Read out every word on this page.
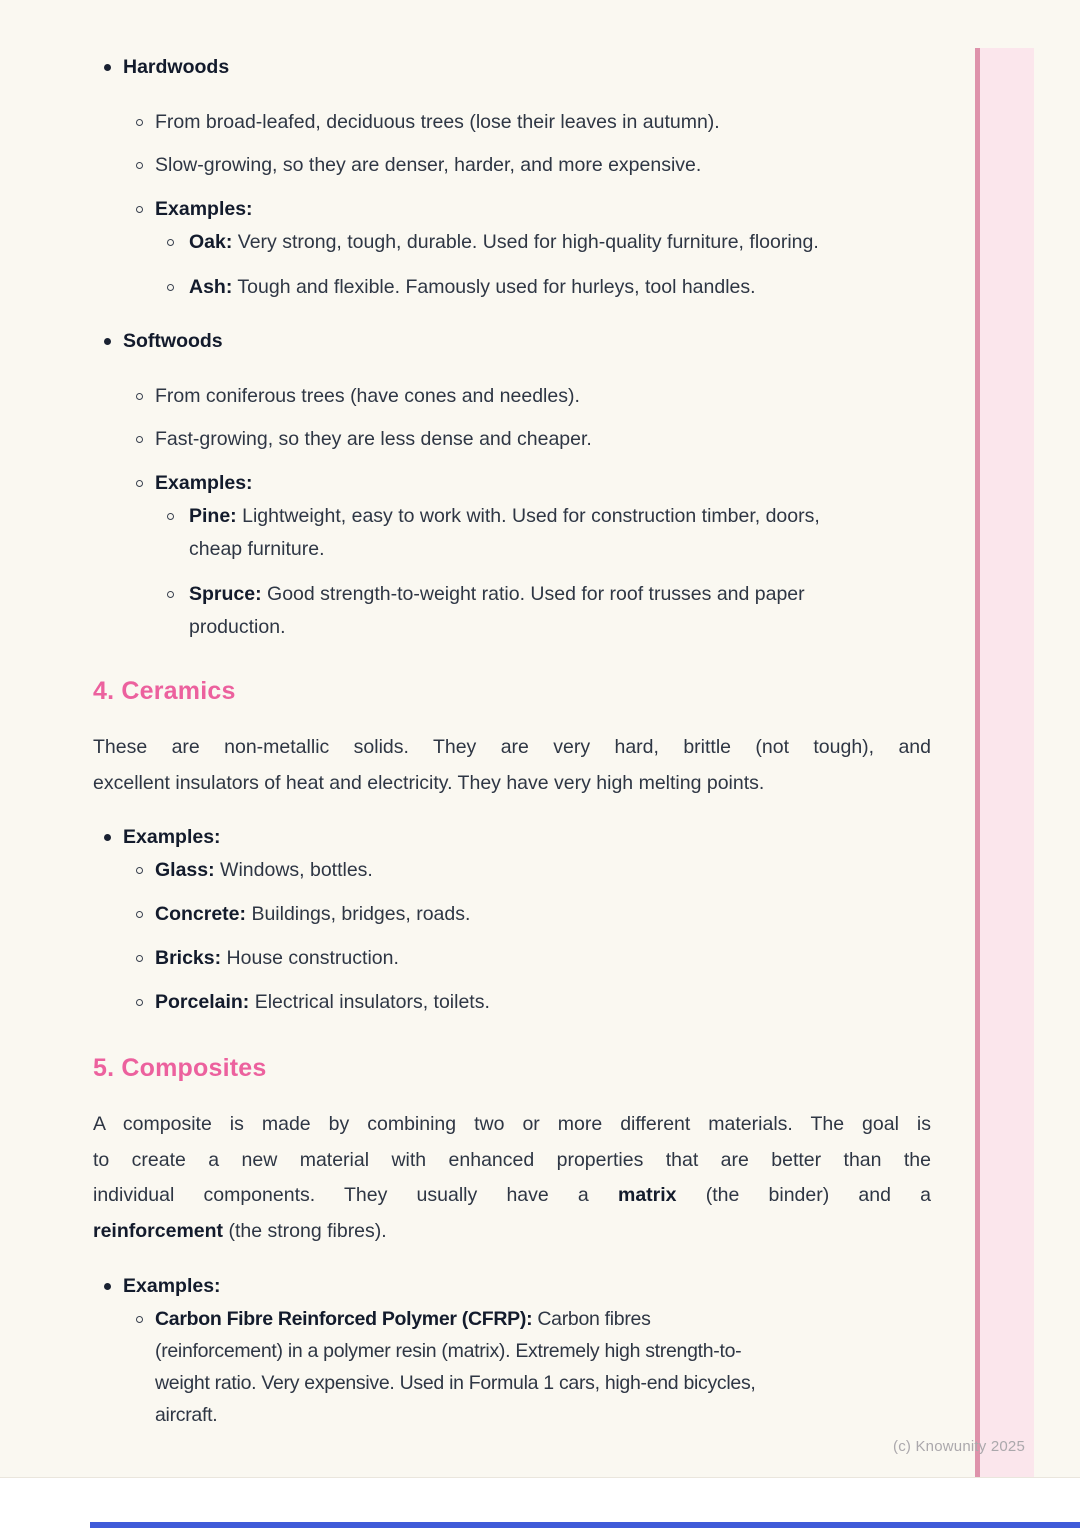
Hardwoods
From broad-leafed, deciduous trees (lose their leaves in autumn).
Slow-growing, so they are denser, harder, and more expensive.
Examples:
Oak: Very strong, tough, durable. Used for high-quality furniture, flooring.
Ash: Tough and flexible. Famously used for hurleys, tool handles.
Softwoods
From coniferous trees (have cones and needles).
Fast-growing, so they are less dense and cheaper.
Examples:
Pine: Lightweight, easy to work with. Used for construction timber, doors, cheap furniture.
Spruce: Good strength-to-weight ratio. Used for roof trusses and paper production.
4. Ceramics
These are non-metallic solids. They are very hard, brittle (not tough), and
excellent insulators of heat and electricity. They have very high melting points.
Examples:
Glass: Windows, bottles.
Concrete: Buildings, bridges, roads.
Bricks: House construction.
Porcelain: Electrical insulators, toilets.
5. Composites
A composite is made by combining two or more different materials. The goal is
to create a new material with enhanced properties that are better than the
individual components. They usually have a matrix (the binder) and a
reinforcement (the strong fibres).
Examples:
Carbon Fibre Reinforced Polymer (CFRP): Carbon fibres
(reinforcement) in a polymer resin (matrix). Extremely high strength-to-
weight ratio. Very expensive. Used in Formula 1 cars, high-end bicycles,
aircraft.
(c) Knowunity 2025
